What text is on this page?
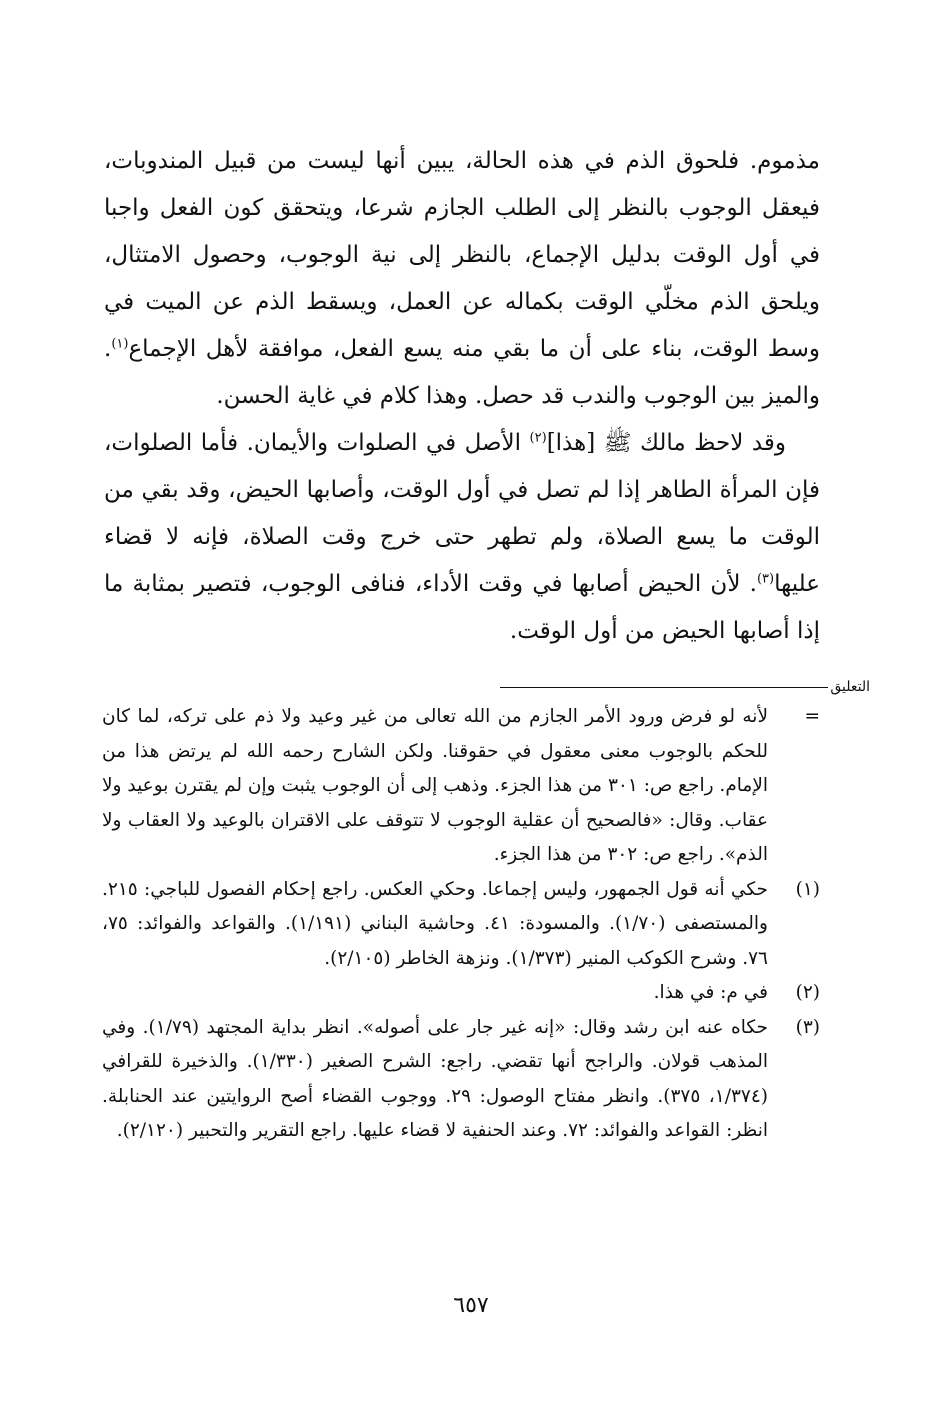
مذموم. فلحوق الذم في هذه الحالة، يبين أنها ليست من قبيل المندوبات، فيعقل الوجوب بالنظر إلى الطلب الجازم شرعا، ويتحقق كون الفعل واجبا في أول الوقت بدليل الإجماع، بالنظر إلى نية الوجوب، وحصول الامتثال، ويلحق الذم مخلّي الوقت بكماله عن العمل، ويسقط الذم عن الميت في وسط الوقت، بناء على أن ما بقي منه يسع الفعل، موافقة لأهل الإجماع$^{(١)}$. والميز بين الوجوب والندب قد حصل. وهذا كلام في غاية الحسن.

وقد لاحظ مالك ﷺ [هذا]$^{(٢)}$ الأصل في الصلوات والأيمان. فأما الصلوات، فإن المرأة الطاهر إذا لم تصل في أول الوقت، وأصابها الحيض، وقد بقي من الوقت ما يسع الصلاة، ولم تطهر حتى خرج وقت الصلاة، فإنه لا قضاء عليها$^{(٣)}$. لأن الحيض أصابها في وقت الأداء، فنافى الوجوب، فتصير بمثابة ما إذا أصابها الحيض من أول الوقت.

التعليق
=
لأنه لو فرض ورود الأمر الجازم من الله تعالى من غير وعيد ولا ذم على تركه، لما كان للحكم بالوجوب معنى معقول في حقوقنا. ولكن الشارح رحمه الله لم يرتض هذا من الإمام. راجع ص: ٣٠١ من هذا الجزء. وذهب إلى أن الوجوب يثبت وإن لم يقترن بوعيد ولا عقاب. وقال: «فالصحيح أن عقلية الوجوب لا تتوقف على الاقتران بالوعيد ولا العقاب ولا الذم». راجع ص: ٣٠٢ من هذا الجزء.
(١)
حكي أنه قول الجمهور، وليس إجماعا. وحكي العكس. راجع إحكام الفصول للباجي: ٢١٥. والمستصفى (١/٧٠). والمسودة: ٤١. وحاشية البناني (١/١٩١). والقواعد والفوائد: ٧٥، ٧٦. وشرح الكوكب المنير (١/٣٧٣). ونزهة الخاطر (٢/١٠٥).
(٢)
في م: في هذا.
(٣)
حكاه عنه ابن رشد وقال: «إنه غير جار على أصوله». انظر بداية المجتهد (١/٧٩). وفي المذهب قولان. والراجح أنها تقضي. راجع: الشرح الصغير (١/٣٣٠). والذخيرة للقرافي (١/٣٧٤، ٣٧٥). وانظر مفتاح الوصول: ٢٩. ووجوب القضاء أصح الروايتين عند الحنابلة. انظر: القواعد والفوائد: ٧٢. وعند الحنفية لا قضاء عليها. راجع التقرير والتحبير (٢/١٢٠).
٦٥٧
